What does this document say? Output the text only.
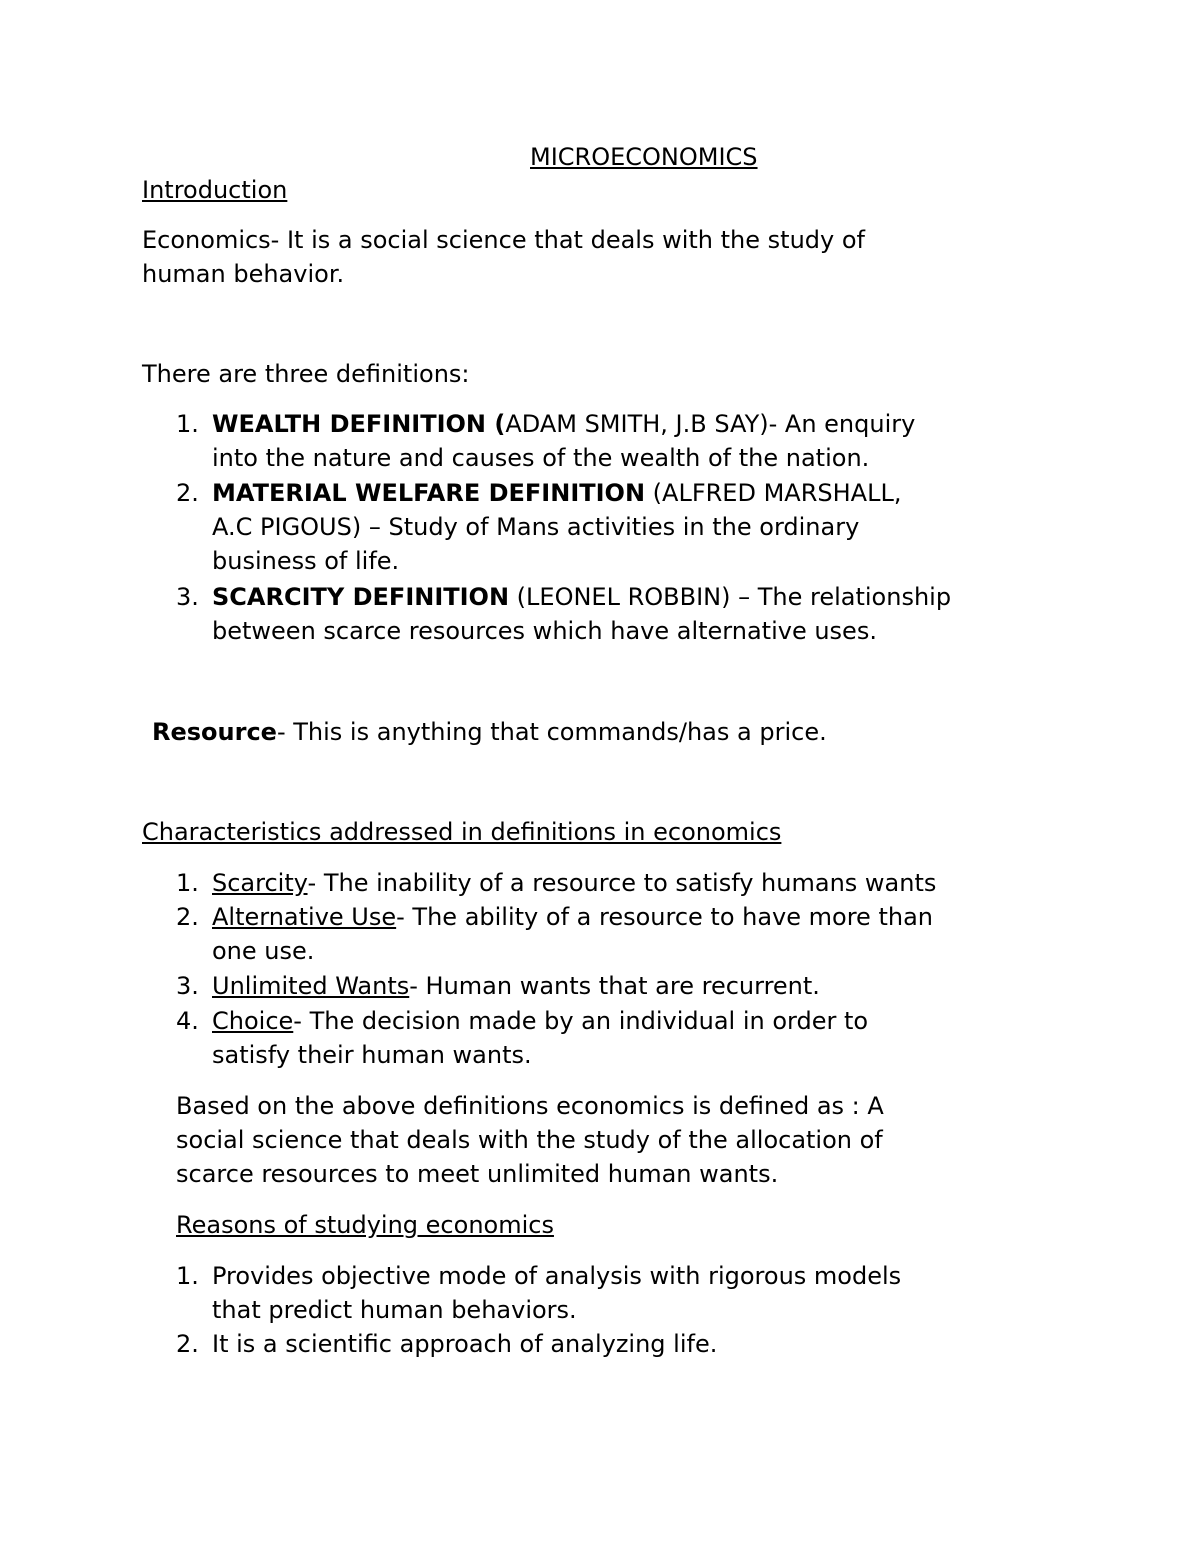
MICROECONOMICS
Introduction
Economics- It is a social science that deals with the study of
human behavior.
There are three definitions:
1. WEALTH DEFINITION (ADAM SMITH, J.B SAY)- An enquiry
into the nature and causes of the wealth of the nation.
2. MATERIAL WELFARE DEFINITION (ALFRED MARSHALL,
A.C PIGOUS) – Study of Mans activities in the ordinary
business of life.
3. SCARCITY DEFINITION (LEONEL ROBBIN) – The relationship
between scarce resources which have alternative uses.
Resource- This is anything that commands/has a price.
Characteristics addressed in definitions in economics
1. Scarcity- The inability of a resource to satisfy humans wants
2. Alternative Use- The ability of a resource to have more than
one use.
3. Unlimited Wants- Human wants that are recurrent.
4. Choice- The decision made by an individual in order to
satisfy their human wants.
Based on the above definitions economics is defined as : A
social science that deals with the study of the allocation of
scarce resources to meet unlimited human wants.
Reasons of studying economics
1. Provides objective mode of analysis with rigorous models
that predict human behaviors.
2. It is a scientific approach of analyzing life.
